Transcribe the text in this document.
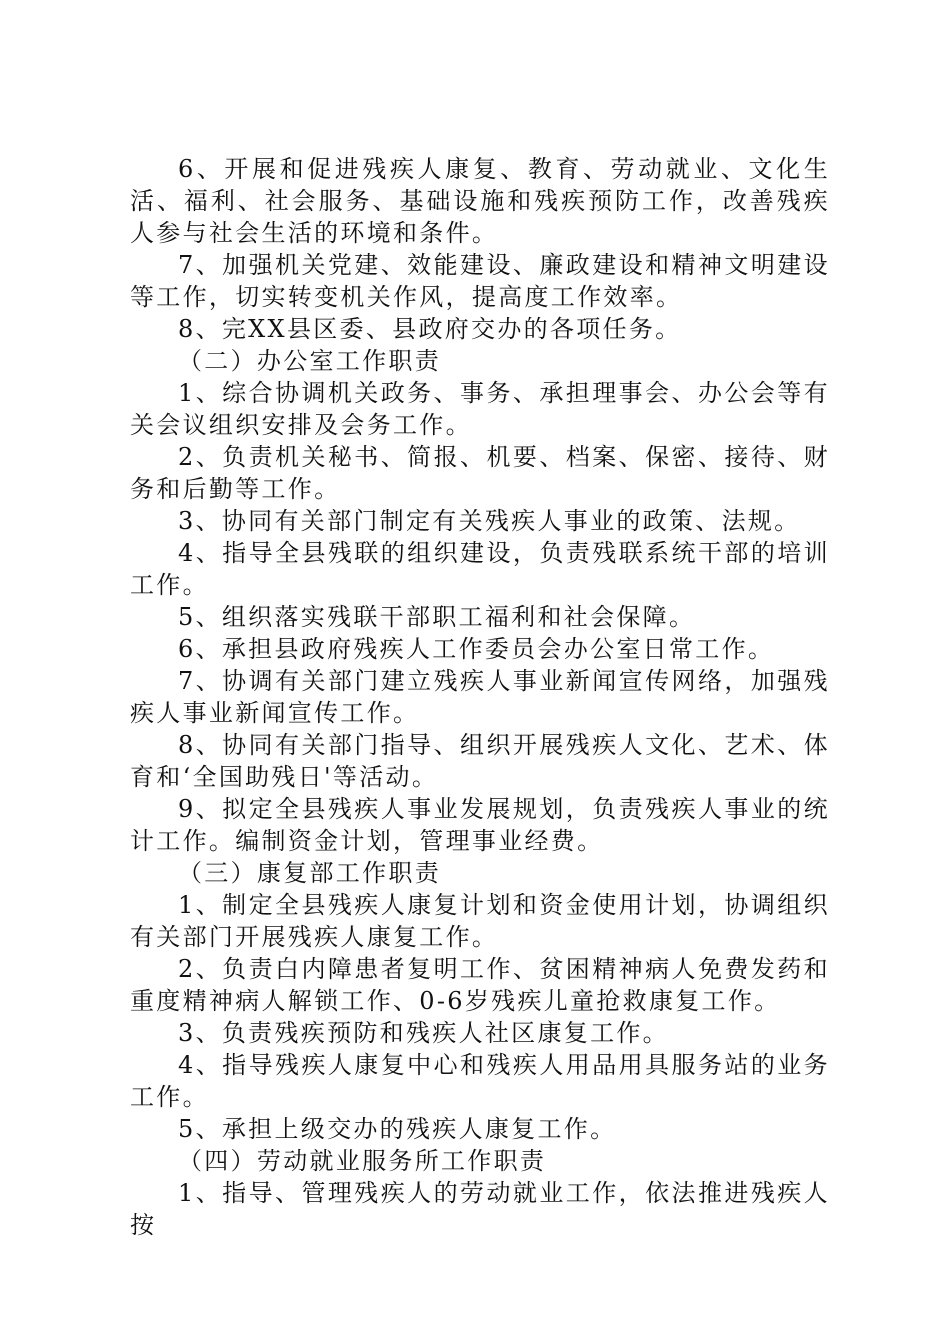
6、开展和促进残疾人康复、教育、劳动就业、文化生活、福利、社会服务、基础设施和残疾预防工作，改善残疾人参与社会生活的环境和条件。

7、加强机关党建、效能建设、廉政建设和精神文明建设等工作，切实转变机关作风，提高度工作效率。

8、完XX县区委、县政府交办的各项任务。

（二）办公室工作职责

1、综合协调机关政务、事务、承担理事会、办公会等有关会议组织安排及会务工作。

2、负责机关秘书、简报、机要、档案、保密、接待、财务和后勤等工作。

3、协同有关部门制定有关残疾人事业的政策、法规。

4、指导全县残联的组织建设，负责残联系统干部的培训工作。

5、组织落实残联干部职工福利和社会保障。

6、承担县政府残疾人工作委员会办公室日常工作。

7、协调有关部门建立残疾人事业新闻宣传网络，加强残疾人事业新闻宣传工作。

8、协同有关部门指导、组织开展残疾人文化、艺术、体育和‘全国助残日'等活动。

9、拟定全县残疾人事业发展规划，负责残疾人事业的统计工作。编制资金计划，管理事业经费。

（三）康复部工作职责

1、制定全县残疾人康复计划和资金使用计划，协调组织有关部门开展残疾人康复工作。

2、负责白内障患者复明工作、贫困精神病人免费发药和重度精神病人解锁工作、0-6岁残疾儿童抢救康复工作。

3、负责残疾预防和残疾人社区康复工作。

4、指导残疾人康复中心和残疾人用品用具服务站的业务工作。

5、承担上级交办的残疾人康复工作。

（四）劳动就业服务所工作职责

1、指导、管理残疾人的劳动就业工作，依法推进残疾人按
